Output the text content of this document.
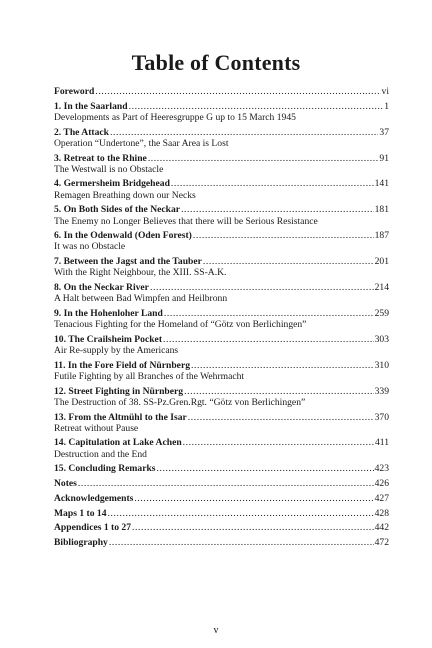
Table of Contents
Foreword .....	vi
1. In the Saarland .....	1
Developments as Part of Heeresgruppe G up to 15 March 1945
2. The Attack .....	37
Operation “Undertone”, the Saar Area is Lost
3. Retreat to the Rhine .....	91
The Westwall is no Obstacle
4. Germersheim Bridgehead .....	141
Remagen Breathing down our Necks
5. On Both Sides of the Neckar .....	181
The Enemy no Longer Believes that there will be Serious Resistance
6. In the Odenwald (Oden Forest) .....	187
It was no Obstacle
7. Between the Jagst and the Tauber .....	201
With the Right Neighbour, the XIII. SS-A.K.
8. On the Neckar River .....	214
A Halt between Bad Wimpfen and Heilbronn
9. In the Hohenloher Land .....	259
Tenacious Fighting for the Homeland of “Götz von Berlichingen”
10. The Crailsheim Pocket .....	303
Air Re-supply by the Americans
11. In the Fore Field of Nürnberg .....	310
Futile Fighting by all Branches of the Wehrmacht
12. Street Fighting in Nürnberg .....	339
The Destruction of 38. SS-Pz.Gren.Rgt. “Götz von Berlichingen”
13. From the Altmühl to the Isar .....	370
Retreat without Pause
14. Capitulation at Lake Achen .....	411
Destruction and the End
15. Concluding Remarks .....	423
Notes .....	426
Acknowledgements .....	427
Maps 1 to 14 .....	428
Appendices 1 to 27 .....	442
Bibliography .....	472
v
